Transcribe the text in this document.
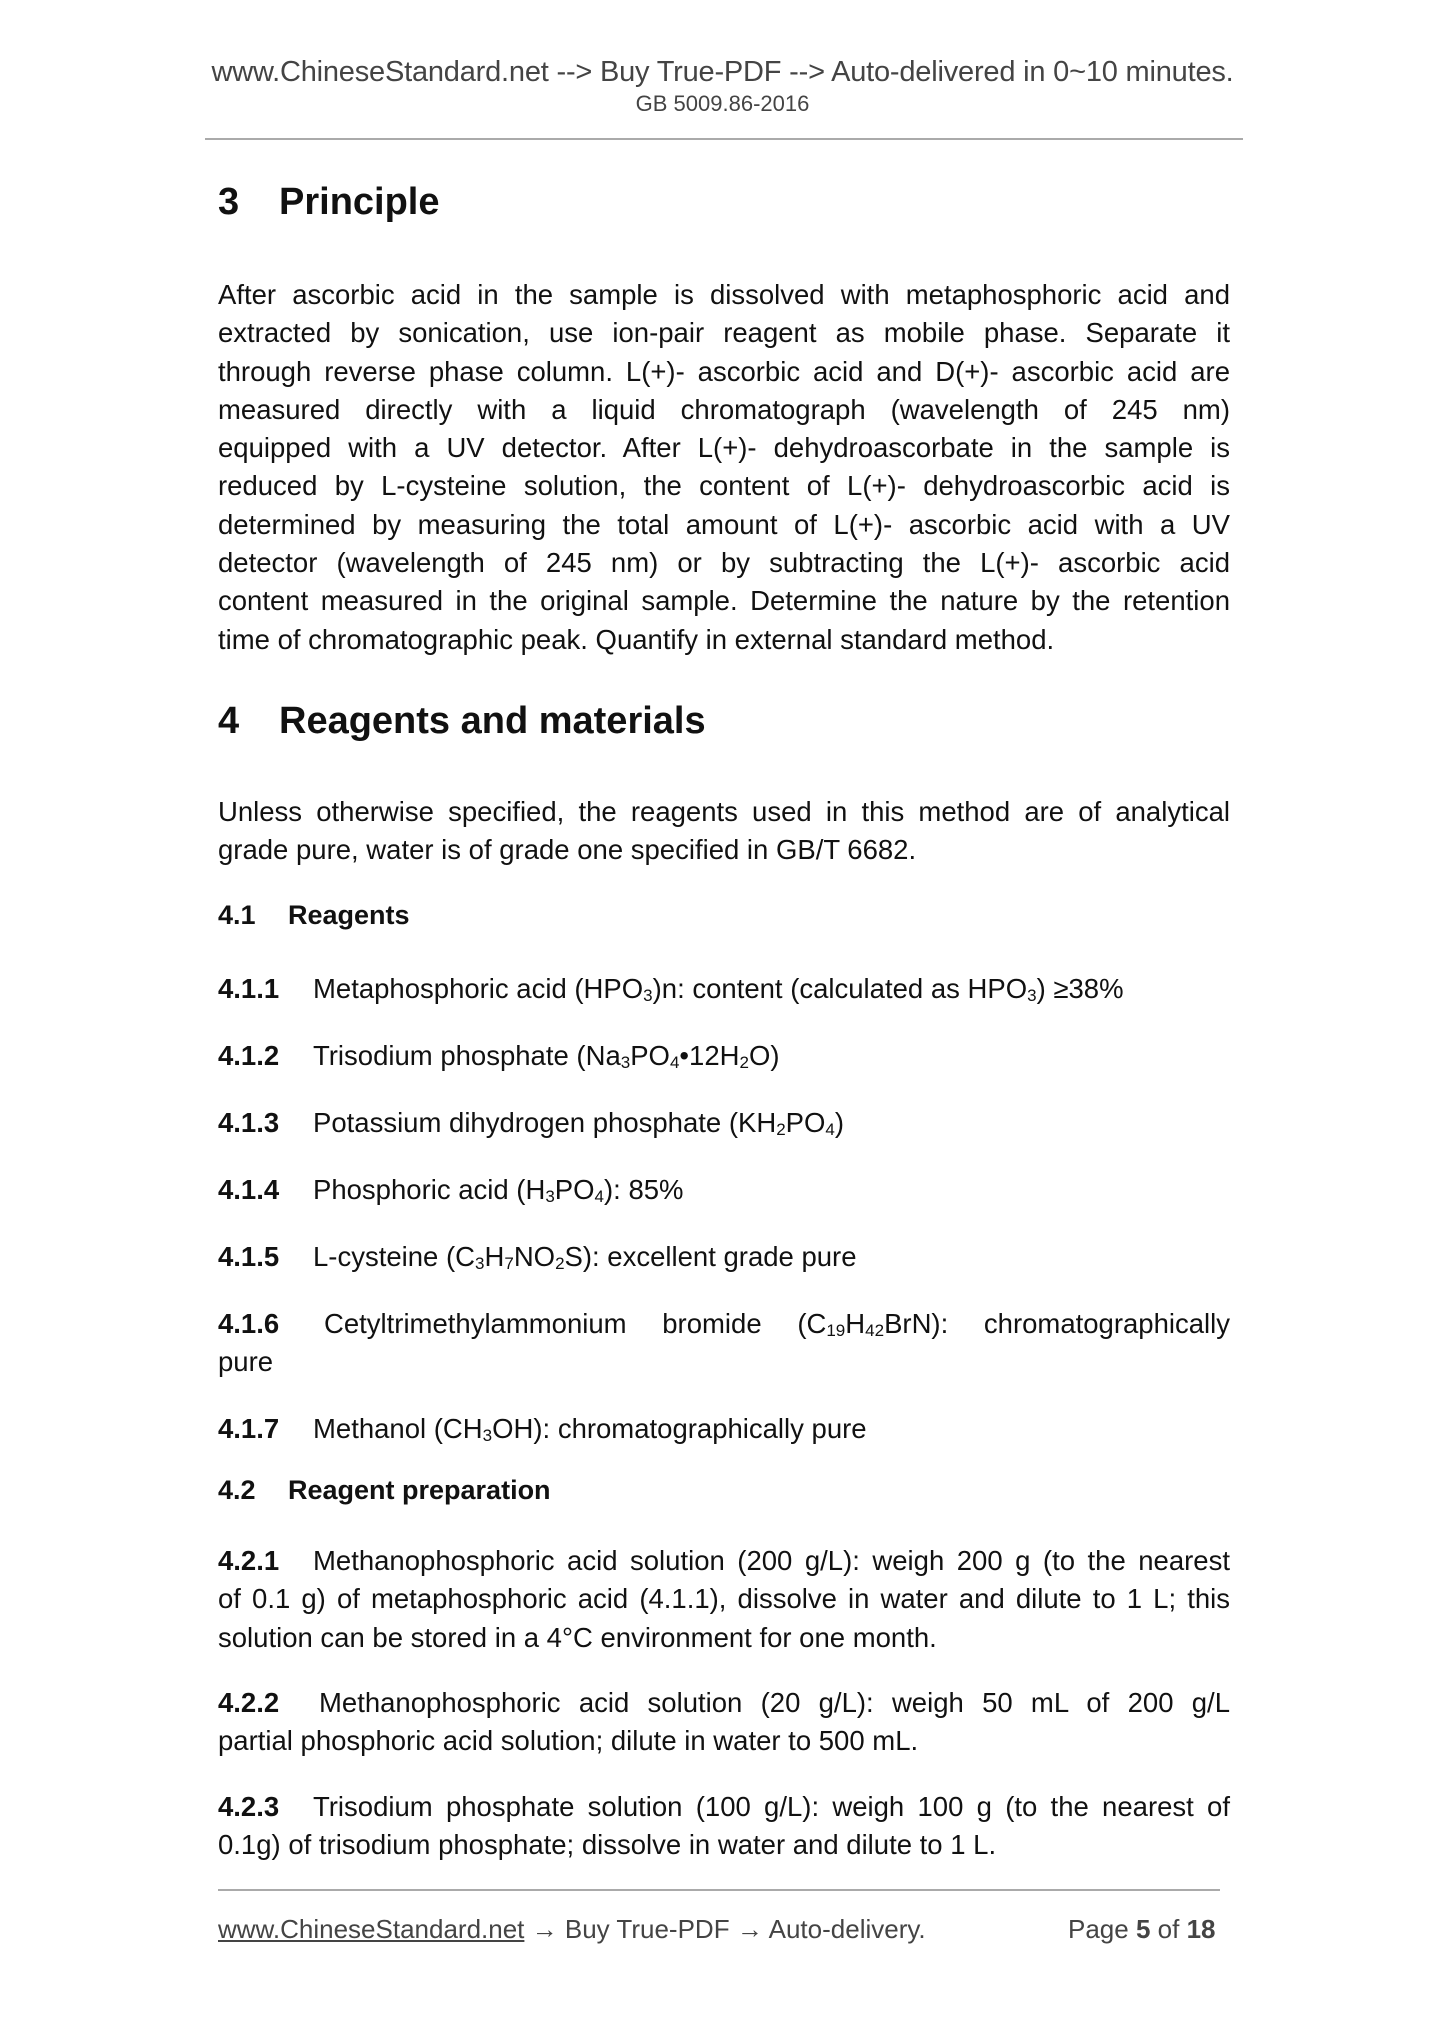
www.ChineseStandard.net --> Buy True-PDF --> Auto-delivered in 0~10 minutes.
GB 5009.86-2016
3 Principle
After ascorbic acid in the sample is dissolved with metaphosphoric acid and
extracted by sonication, use ion-pair reagent as mobile phase. Separate it
through reverse phase column. L(+)- ascorbic acid and D(+)- ascorbic acid are
measured directly with a liquid chromatograph (wavelength of 245 nm)
equipped with a UV detector. After L(+)- dehydroascorbate in the sample is
reduced by L-cysteine solution, the content of L(+)- dehydroascorbic acid is
determined by measuring the total amount of L(+)- ascorbic acid with a UV
detector (wavelength of 245 nm) or by subtracting the L(+)- ascorbic acid
content measured in the original sample. Determine the nature by the retention
time of chromatographic peak. Quantify in external standard method.
4 Reagents and materials
Unless otherwise specified, the reagents used in this method are of analytical
grade pure, water is of grade one specified in GB/T 6682.
4.1 Reagents
4.1.1 Metaphosphoric acid $(HPO_3)n$: content (calculated as $HPO_3) \ge 38\%$
4.1.2 Trisodium phosphate $(Na_3PO_4•12H_2O)$
4.1.3 Potassium dihydrogen phosphate $(KH_2PO_4)$
4.1.4 Phosphoric acid $(H_3PO_4)$: 85%
4.1.5 L-cysteine $(C_3H_7NO_2S)$: excellent grade pure
4.1.6 Cetyltrimethylammonium bromide $(C_{19}H_{42}BrN)$: chromatographically
pure
4.1.7 Methanol $(CH_3OH)$: chromatographically pure
4.2 Reagent preparation
4.2.1 Methanophosphoric acid solution (200 g/L): weigh 200 g (to the nearest
of 0.1 g) of metaphosphoric acid (4.1.1), dissolve in water and dilute to 1 L; this
solution can be stored in a 4°C environment for one month.
4.2.2 Methanophosphoric acid solution (20 g/L): weigh 50 mL of 200 g/L
partial phosphoric acid solution; dilute in water to 500 mL.
4.2.3 Trisodium phosphate solution (100 g/L): weigh 100 g (to the nearest of
0.1g) of trisodium phosphate; dissolve in water and dilute to 1 L.
www.ChineseStandard.net → Buy True-PDF → Auto-delivery.	Page 5 of 18
